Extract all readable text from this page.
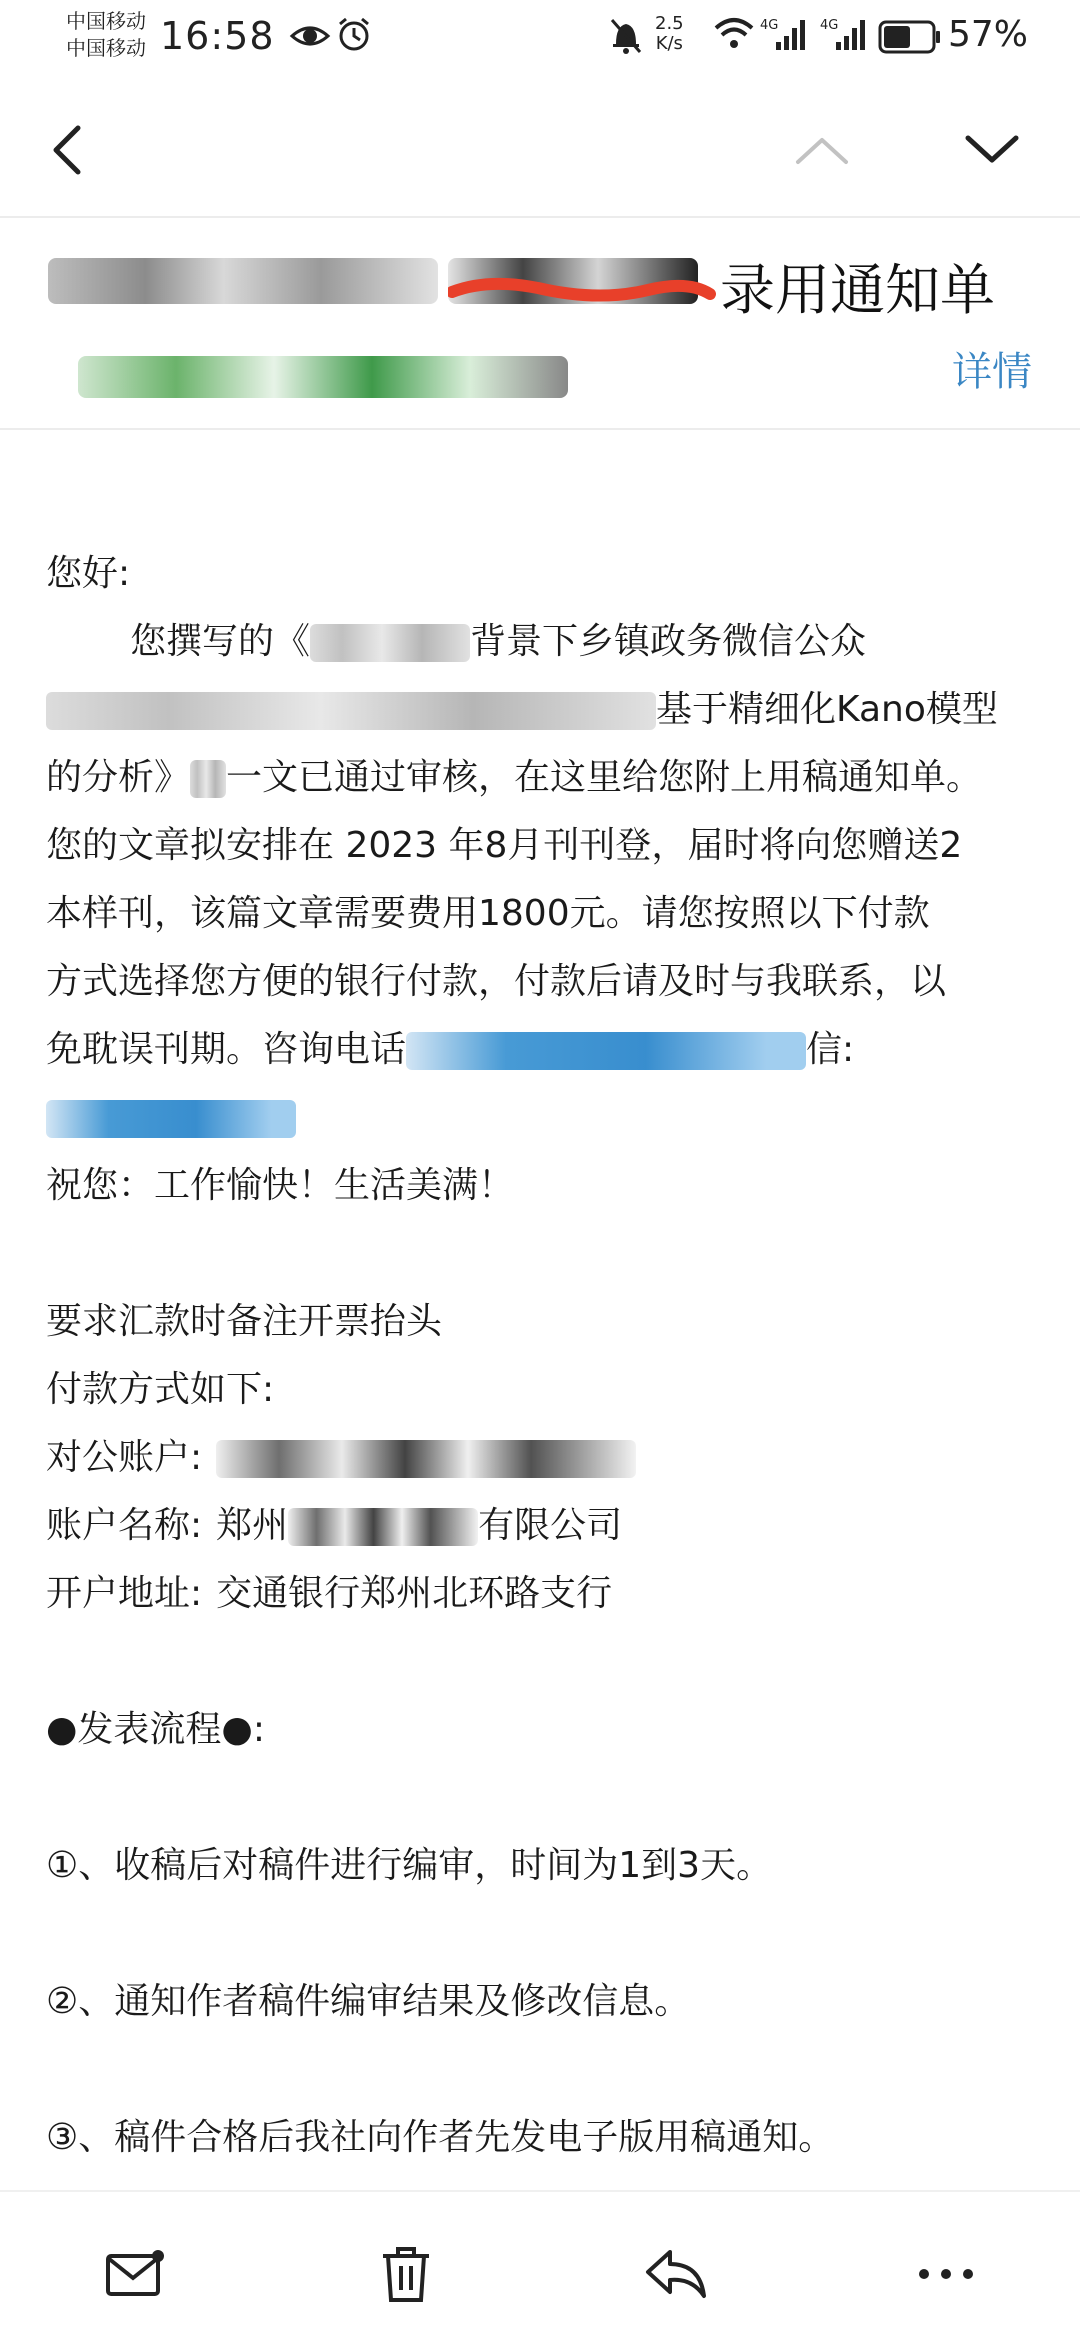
中国移动
中国移动 16:58	2.5
K/s
4G	4G	57%
录用通知单
详情
您好:
您撰写的《	背景下乡镇政务微信公众
基于精细化Kano模型
的分析》 一文已通过审核，在这里给您附上用稿通知单。
您的文章拟安排在 2023 年8月刊刊登，届时将向您赠送2
本样刊，该篇文章需要费用1800元。请您按照以下付款
方式选择您方便的银行付款，付款后请及时与我联系，以
免耽误刊期。咨询电话	信:
祝您：工作愉快！生活美满！
要求汇款时备注开票抬头
付款方式如下:
对公账户:
账户名称: 郑州	有限公司
开户地址: 交通银行郑州北环路支行
●发表流程●:
①、收稿后对稿件进行编审，时间为1到3天。
②、通知作者稿件编审结果及修改信息。
③、稿件合格后我社向作者先发电子版用稿通知。
